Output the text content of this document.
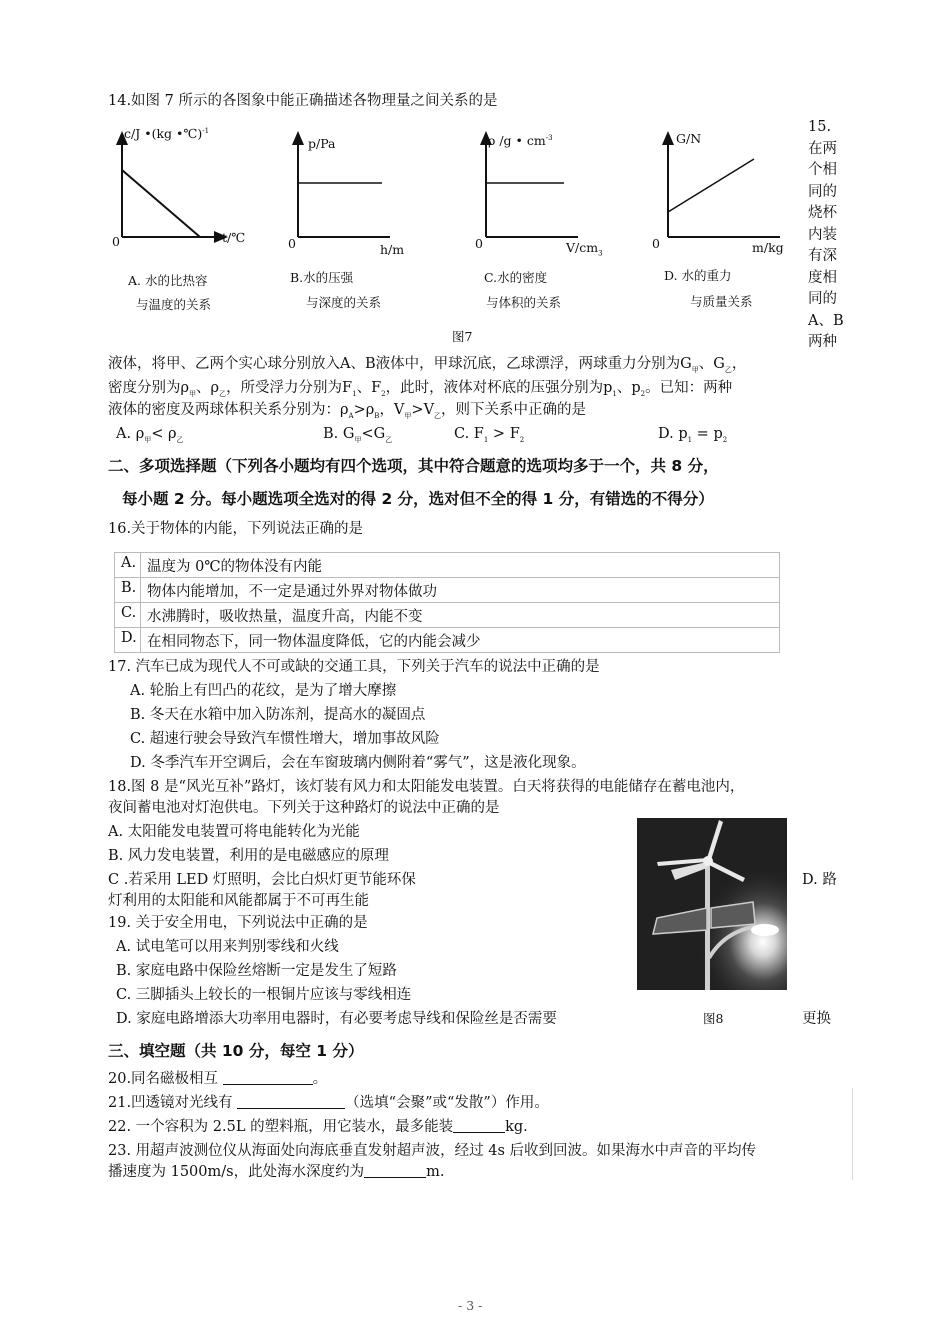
14.如图 7 所示的各图象中能正确描述各物理量之间关系的是
c/J •(kg •℃)$^{-1}$
t/℃
0
A. 水的比热容
与温度的关系
p/Pa
h/m
0
B.水的压强
与深度的关系
ρ /g • $cm^{-3}$
$V/cm_3$
0
C.水的密度
与体积的关系
G/N
m/kg
0
D. 水的重力
与质量关系
图7
15.在两个相同的烧杯内装有深度相同的A、B两种
液体，将甲、乙两个实心球分别放入A、B液体中，甲球沉底，乙球漂浮，两球重力分别为$G_甲$、$G_乙$，
密度分别为$\rho_甲$、$\rho_乙$，所受浮力分别为$F_1$、$F_2$，此时，液体对杯底的压强分别为$p_1$、$p_2$。已知：两种
液体的密度及两球体积关系分别为：$\rho_A>\rho_B$，$V_甲>V_乙$，则下关系中正确的是
A. $\rho_甲< \rho_乙$	B. $G_甲<G_乙$	C. $F_1 > F_2$	D. $p_1 = p_2$
二、多项选择题（下列各小题均有四个选项，其中符合题意的选项均多于一个，共 8 分，
每小题 2 分。每小题选项全选对的得 2 分，选对但不全的得 1 分，有错选的不得分）
16.关于物体的内能，下列说法正确的是
A. 温度为 0℃的物体没有内能
B. 物体内能增加，不一定是通过外界对物体做功
C. 水沸腾时，吸收热量，温度升高，内能不变
D. 在相同物态下，同一物体温度降低，它的内能会减少
17. 汽车已成为现代人不可或缺的交通工具，下列关于汽车的说法中正确的是
A. 轮胎上有凹凸的花纹，是为了增大摩擦
B. 冬天在水箱中加入防冻剂，提高水的凝固点
C. 超速行驶会导致汽车惯性增大，增加事故风险
D. 冬季汽车开空调后，会在车窗玻璃内侧附着“雾气”，这是液化现象。
18.图 8 是“风光互补”路灯，该灯装有风力和太阳能发电装置。白天将获得的电能储存在蓄电池内，
夜间蓄电池对灯泡供电。下列关于这种路灯的说法中正确的是
A. 太阳能发电装置可将电能转化为光能
B. 风力发电装置，利用的是电磁感应的原理
C .若采用 LED 灯照明，会比白炽灯更节能环保	D. 路
灯利用的太阳能和风能都属于不可再生能
图8
19. 关于安全用电，下列说法中正确的是
A. 试电笔可以用来判别零线和火线
B. 家庭电路中保险丝熔断一定是发生了短路
C. 三脚插头上较长的一根铜片应该与零线相连
D. 家庭电路增添大功率用电器时，有必要考虑导线和保险丝是否需要	更换
三、填空题（共 10 分，每空 1 分）
20.同名磁极相互	。
21.凹透镜对光线有	（选填“会聚”或“发散”）作用。
22. 一个容积为 2.5L 的塑料瓶，用它装水，最多能装	kg.
23. 用超声波测位仪从海面处向海底垂直发射超声波，经过 4s 后收到回波。如果海水中声音的平均传
播速度为 1500m/s，此处海水深度约为	m.
- 3 -
